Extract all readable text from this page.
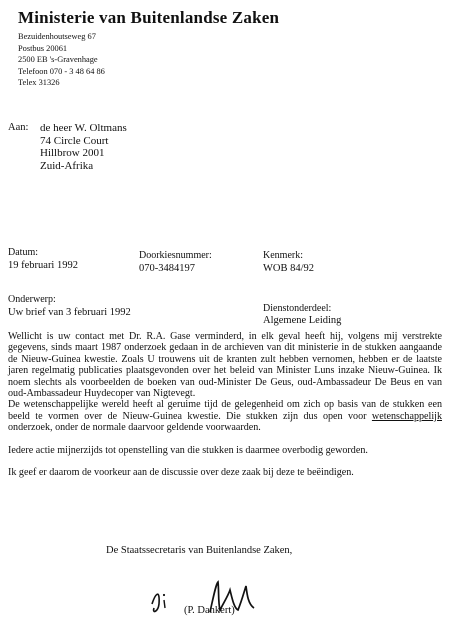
Ministerie van Buitenlandse Zaken
Bezuidenhoutseweg 67
Postbus 20061
2500 EB 's-Gravenhage
Telefoon 070 - 3 48 64 86
Telex 31326
Aan: de heer W. Oltmans
74 Circle Court
Hillbrow 2001
Zuid-Afrika
Datum:
19 februari 1992
Doorkiesnummer:
070-3484197
Kenmerk:
WOB 84/92
Onderwerp:
Uw brief van 3 februari 1992	Dienstonderdeel:
Algemene Leiding

Wellicht is uw contact met Dr. R.A. Gase verminderd, in elk geval heeft hij, volgens mij verstrekte gegevens, sinds maart 1987 onderzoek gedaan in de archieven van dit ministerie in de stukken aangaande de Nieuw-Guinea kwestie. Zoals U trouwens uit de kranten zult hebben vernomen, hebben er de laatste jaren regelmatig publicaties plaatsgevonden over het beleid van Minister Luns inzake Nieuw-Guinea. Ik noem slechts als voorbeelden de boeken van oud-Minister De Geus, oud-Ambassadeur De Beus en van oud-Ambassadeur Huydecoper van Nigtevegt.

De wetenschappelijke wereld heeft al geruime tijd de gelegenheid om zich op basis van de stukken een beeld te vormen over de Nieuw-Guinea kwestie. Die stukken zijn dus open voor wetenschappelijk onderzoek, onder de normale daarvoor geldende voorwaarden.

Iedere actie mijnerzijds tot openstelling van die stukken is daarmee overbodig geworden.

Ik geef er daarom de voorkeur aan de discussie over deze zaak bij deze te beëindigen.

De Staatssecretaris van Buitenlandse Zaken,
(P. Dankert)
